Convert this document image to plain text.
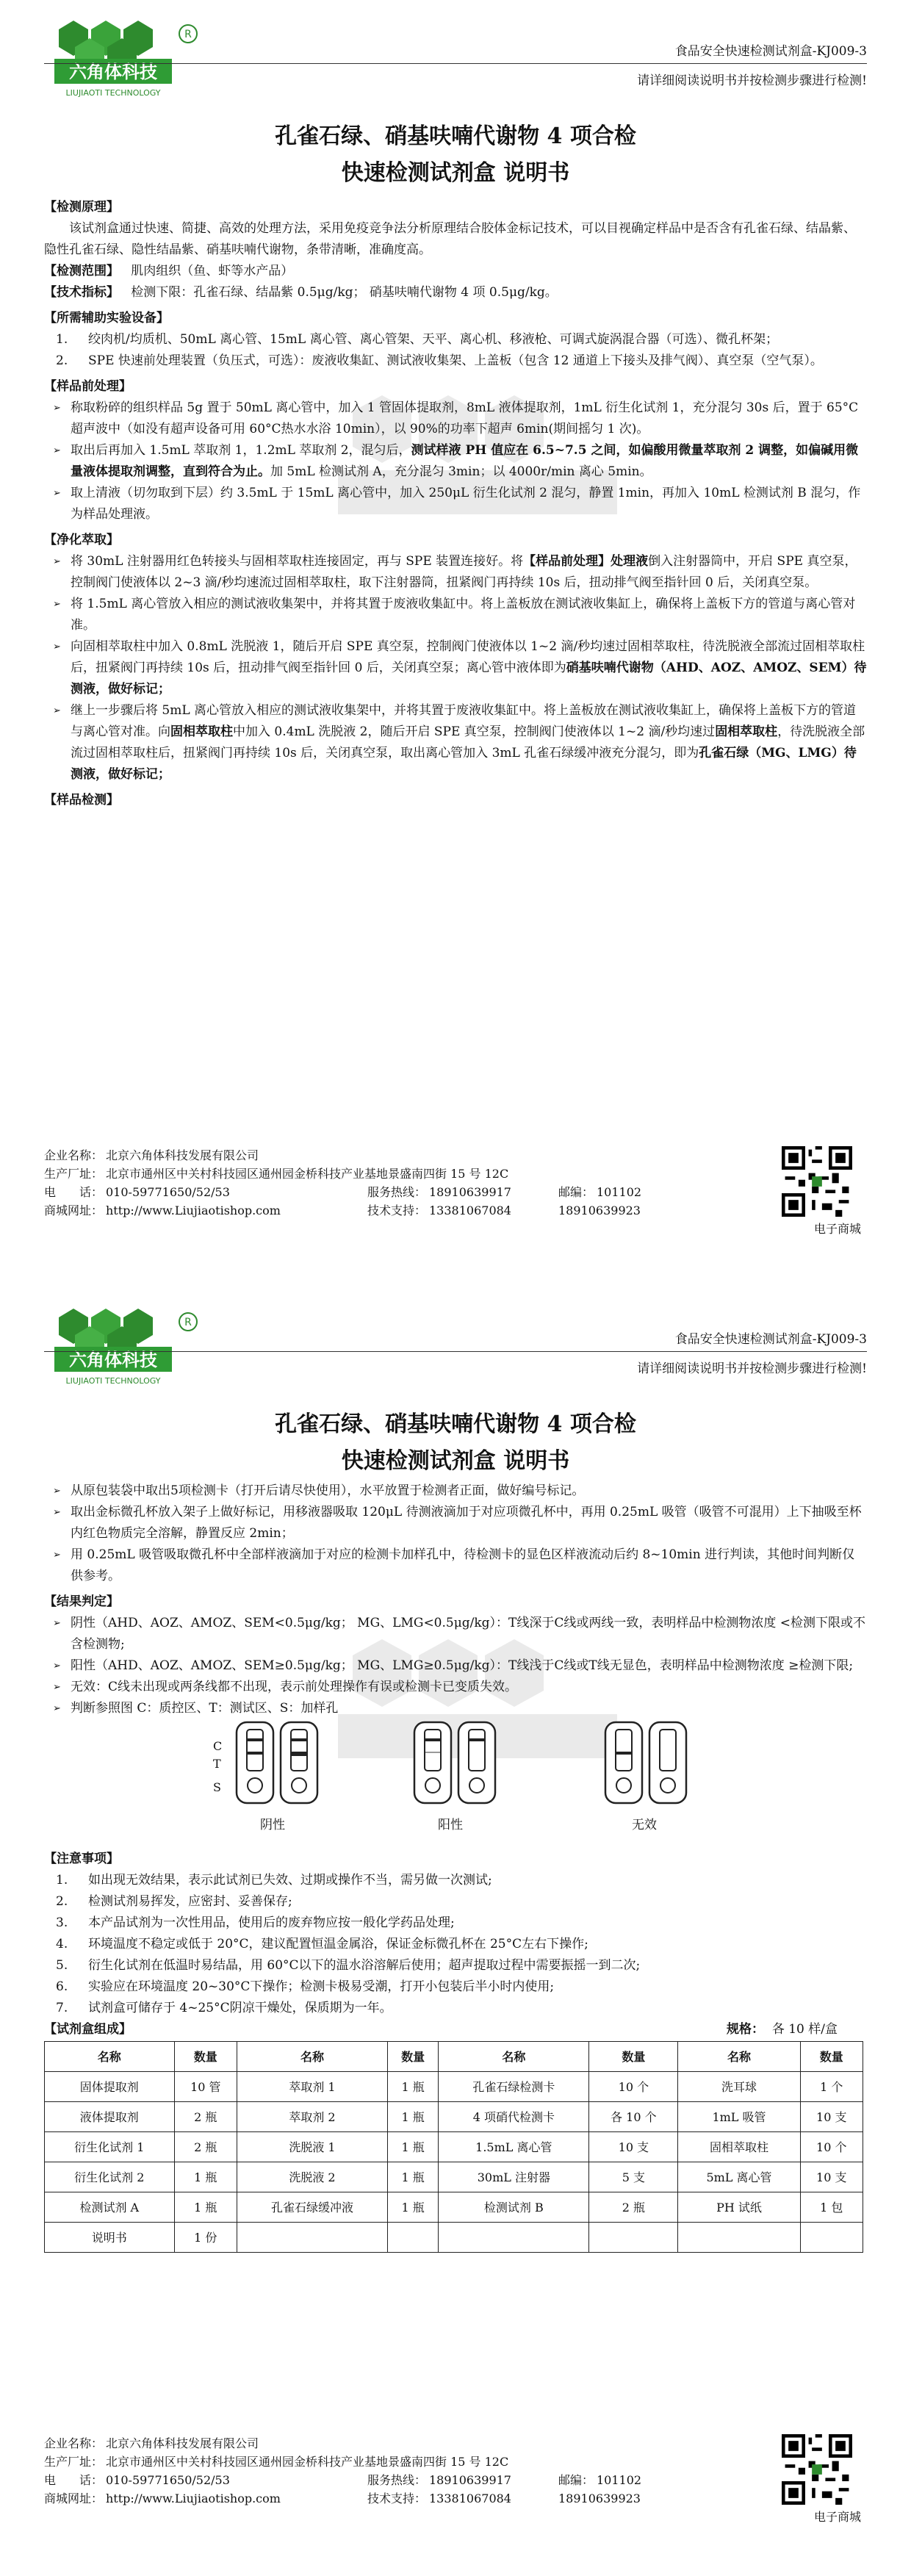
R
六角体科技
LIUJIAOTI TECHNOLOGY
食品安全快速检测试剂盒-KJ009-3
请详细阅读说明书并按检测步骤进行检测!
孔雀石绿、硝基呋喃代谢物 4 项合检
快速检测试剂盒 说明书
【 检测原理 】

该试剂盒通过快速、简捷、高效的处理方法，采用免疫竞争法分析原理结合胶体金标记技术，可以目视确定样品中是否含有孔雀石绿、结晶紫、隐性孔雀石绿、隐性结晶紫、硝基呋喃代谢物，条带清晰，准确度高。

【 检测范围 】 肌肉组织（鱼、虾等水产品）
【 技术指标 】 检测下限：孔雀石绿、结晶紫 0.5μg/kg； 硝基呋喃代谢物 4 项 0.5μg/kg。
【 所需辅助实验设备 】
1. 绞肉机/均质机、50mL 离心管、15mL 离心管、离心管架、天平、离心机、移液枪、可调式旋涡混合器（可选）、微孔杯架；
2. SPE 快速前处理装置（负压式，可选）：废液收集缸、测试液收集架、上盖板（包含 12 通道上下接头及排气阀）、真空泵（空气泵）。
【 样品前处理 】
➢ 称取粉碎的组织样品 5g 置于 50mL 离心管中，加入 1 管固体提取剂，8mL 液体提取剂，1mL 衍生化试剂 1，充分混匀 30s 后，置于 65°C超声波中（如没有超声设备可用 60°C热水水浴 10min），以 90%的功率下超声 6min(期间摇匀 1 次)。
➢ 取出后再加入 1.5mL 萃取剂 1，1.2mL 萃取剂 2，混匀后，测试样液 PH 值应在 6.5~7.5 之间，如偏酸用微量萃取剂 2 调整，如偏碱用微量液体提取剂调整，直到符合为止。加 5mL 检测试剂 A，充分混匀 3min；以 4000r/min 离心 5min。
➢ 取上清液（切勿取到下层）约 3.5mL 于 15mL 离心管中，加入 250μL 衍生化试剂 2 混匀，静置 1min，再加入 10mL 检测试剂 B 混匀，作为样品处理液。
【 净化萃取 】
➢ 将 30mL 注射器用红色转接头与固相萃取柱连接固定，再与 SPE 装置连接好。将【样品前处理】处理液倒入注射器筒中，开启 SPE 真空泵，控制阀门使液体以 2~3 滴/秒均速流过固相萃取柱，取下注射器筒，扭紧阀门再持续 10s 后，扭动排气阀至指针回 0 后，关闭真空泵。
➢ 将 1.5mL 离心管放入相应的测试液收集架中，并将其置于废液收集缸中。将上盖板放在测试液收集缸上，确保将上盖板下方的管道与离心管对准。
➢ 向固相萃取柱中加入 0.8mL 洗脱液 1，随后开启 SPE 真空泵，控制阀门使液体以 1~2 滴/秒均速过固相萃取柱，待洗脱液全部流过固相萃取柱后，扭紧阀门再持续 10s 后，扭动排气阀至指针回 0 后，关闭真空泵；离心管中液体即为硝基呋喃代谢物（AHD、AOZ、AMOZ、SEM）待测液，做好标记；
➢ 继上一步骤后将 5mL 离心管放入相应的测试液收集架中，并将其置于废液收集缸中。将上盖板放在测试液收集缸上，确保将上盖板下方的管道与离心管对准。向固相萃取柱中加入 0.4mL 洗脱液 2，随后开启 SPE 真空泵，控制阀门使液体以 1~2 滴/秒均速过固相萃取柱，待洗脱液全部流过固相萃取柱后，扭紧阀门再持续 10s 后，关闭真空泵，取出离心管加入 3mL 孔雀石绿缓冲液充分混匀，即为孔雀石绿（MG、LMG）待测液，做好标记；
【 样品检测 】
企业名称： 北京六角体科技发展有限公司
生产厂址： 北京市通州区中关村科技园区通州园金桥科技产业基地景盛南四街 15 号 12C
电　　话： 010-59771650/52/53	服务热线： 18910639917	邮编： 101102
商城网址： http://www.Liujiaotishop.com	技术支持： 13381067084	18910639923
电子商城
R
六角体科技
LIUJIAOTI TECHNOLOGY
食品安全快速检测试剂盒-KJ009-3
请详细阅读说明书并按检测步骤进行检测!
孔雀石绿、硝基呋喃代谢物 4 项合检
快速检测试剂盒 说明书
➢ 从原包装袋中取出5项检测卡（打开后请尽快使用），水平放置于检测者正面，做好编号标记。
➢ 取出金标微孔杯放入架子上做好标记，用移液器吸取 120μL 待测液滴加于对应项微孔杯中，再用 0.25mL 吸管（吸管不可混用）上下抽吸至杯内红色物质完全溶解，静置反应 2min；
➢ 用 0.25mL 吸管吸取微孔杯中全部样液滴加于对应的检测卡加样孔中，待检测卡的显色区样液流动后约 8~10min 进行判读，其他时间判断仅供参考。
【 结果判定 】
➢ 阴性（AHD、AOZ、AMOZ、SEM<0.5μg/kg； MG、LMG<0.5μg/kg）：T线深于C线或两线一致，表明样品中检测物浓度 <检测下限或不含检测物;
➢ 阳性（AHD、AOZ、AMOZ、SEM≥0.5μg/kg； MG、LMG≥0.5μg/kg）：T线浅于C线或T线无显色，表明样品中检测物浓度 ≥检测下限;
➢ 无效：C线未出现或两条线都不出现，表示前处理操作有误或检测卡已变质失效。
➢ 判断参照图 C：质控区、T：测试区、S：加样孔
C
T
S
阴性	阳性	无效
【 注意事项 】
1. 如出现无效结果，表示此试剂已失效、过期或操作不当，需另做一次测试;
2. 检测试剂易挥发，应密封、妥善保存;
3. 本产品试剂为一次性用品，使用后的废弃物应按一般化学药品处理;
4. 环境温度不稳定或低于 20°C，建议配置恒温金属浴，保证金标微孔杯在 25°C左右下操作;
5. 衍生化试剂在低温时易结晶，用 60°C以下的温水浴溶解后使用；超声提取过程中需要振摇一到二次;
6. 实验应在环境温度 20~30°C下操作；检测卡极易受潮，打开小包装后半小时内使用;
7. 试剂盒可储存于 4~25°C阴凉干燥处，保质期为一年。
【 试剂盒组成 】	规格： 各 10 样/盒
名称	数量	名称	数量	名称	数量	名称	数量
固体提取剂	10 管	萃取剂 1	1 瓶	孔雀石绿检测卡	10 个	洗耳球	1 个
液体提取剂	2 瓶	萃取剂 2	1 瓶	4 项硝代检测卡	各 10 个	1mL 吸管	10 支
衍生化试剂 1	2 瓶	洗脱液 1	1 瓶	1.5mL 离心管	10 支	固相萃取柱	10 个
衍生化试剂 2	1 瓶	洗脱液 2	1 瓶	30mL 注射器	5 支	5mL 离心管	10 支
检测试剂 A	1 瓶	孔雀石绿缓冲液	1 瓶	检测试剂 B	2 瓶	PH 试纸	1 包
说明书	1 份						
企业名称： 北京六角体科技发展有限公司
生产厂址： 北京市通州区中关村科技园区通州园金桥科技产业基地景盛南四街 15 号 12C
电　　话： 010-59771650/52/53	服务热线： 18910639917	邮编： 101102
商城网址： http://www.Liujiaotishop.com	技术支持： 13381067084	18910639923
电子商城
